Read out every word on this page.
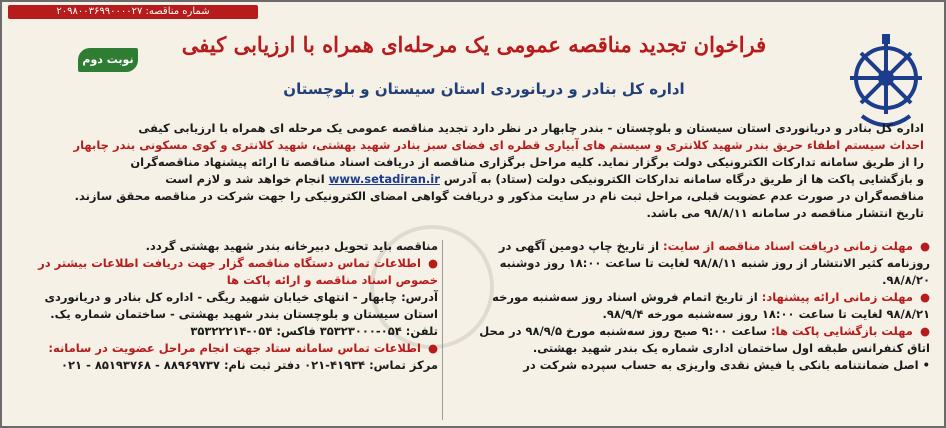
شماره مناقصه: ۲۰۹۸۰۰۳۶۹۹۰۰۰۰۲۷
فراخوان تجدید مناقصه عمومی یک مرحله‌ای همراه با ارزیابی کیفی
نوبت دوم
اداره کل بنادر و دریانوردی استان سیستان و بلوچستان

اداره کل بنادر و دریانوردی استان سیستان و بلوچستان - بندر چابهار در نظر دارد تجدید مناقصه عمومی یک مرحله ای همراه با ارزیابی کیفی

احداث سیستم اطفاء حریق بندر شهید کلانتری و سیستم های آبیاری قطره ای فضای سبز بنادر شهید بهشتی، شهید کلانتری و کوی مسکونی بندر چابهار

را از طریق سامانه تدارکات الکترونیکی دولت برگزار نماید. کلیه مراحل برگزاری مناقصه از دریافت اسناد مناقصه تا ارائه پیشنهاد مناقصه‌گران

و بازگشایی پاکت ها از طریق درگاه سامانه تدارکات الکترونیکی دولت (ستاد) به آدرس www.setadiran.ir انجام خواهد شد و لازم است

مناقصه‌گران در صورت عدم عضویت قبلی، مراحل ثبت نام در سایت مذکور و دریافت گواهی امضای الکترونیکی را جهت شرکت در مناقصه محقق سازند.

تاریخ انتشار مناقصه در سامانه ۹۸/۸/۱۱ می باشد.

● مهلت زمانی دریافت اسناد مناقصه از سایت: از تاریخ چاپ دومین آگهی در روزنامه کثیر الانتشار از روز شنبه ۹۸/۸/۱۱ لغایت تا ساعت ۱۸:۰۰ روز دوشنبه ۹۸/۸/۲۰.

● مهلت زمانی ارائه پیشنهاد: از تاریخ اتمام فروش اسناد روز سه‌شنبه مورخه ۹۸/۸/۲۱ لغایت تا ساعت ۱۸:۰۰ روز سه‌شنبه مورخه ۹۸/۹/۴.

● مهلت بازگشایی پاکت ها: ساعت ۹:۰۰ صبح روز سه‌شنبه مورخ ۹۸/۹/۵ در محل اتاق کنفرانس طبقه اول ساختمان اداری شماره یک بندر شهید بهشتی.

• اصل ضمانتنامه بانکی یا فیش نقدی واریزی به حساب سپرده شرکت در

مناقصه باید تحویل دبیرخانه بندر شهید بهشتی گردد.

● اطلاعات تماس دستگاه مناقصه گزار جهت دریافت اطلاعات بیشتر در خصوص اسناد مناقصه و ارائه پاکت ها

آدرس: چابهار - انتهای خیابان شهید ریگی - اداره کل بنادر و دریانوردی استان سیستان و بلوچستان بندر شهید بهشتی - ساختمان شماره یک.

تلفن: ۰۵۴-۳۵۳۲۳۰۰۰ فاکس: ۰۵۴-۳۵۳۲۲۲۱۴

● اطلاعات تماس سامانه ستاد جهت انجام مراحل عضویت در سامانه:

مرکز تماس: ۴۱۹۳۴-۰۲۱ دفتر ثبت نام: ۸۸۹۶۹۷۳۷ - ۸۵۱۹۳۷۶۸ - ۰۲۱
